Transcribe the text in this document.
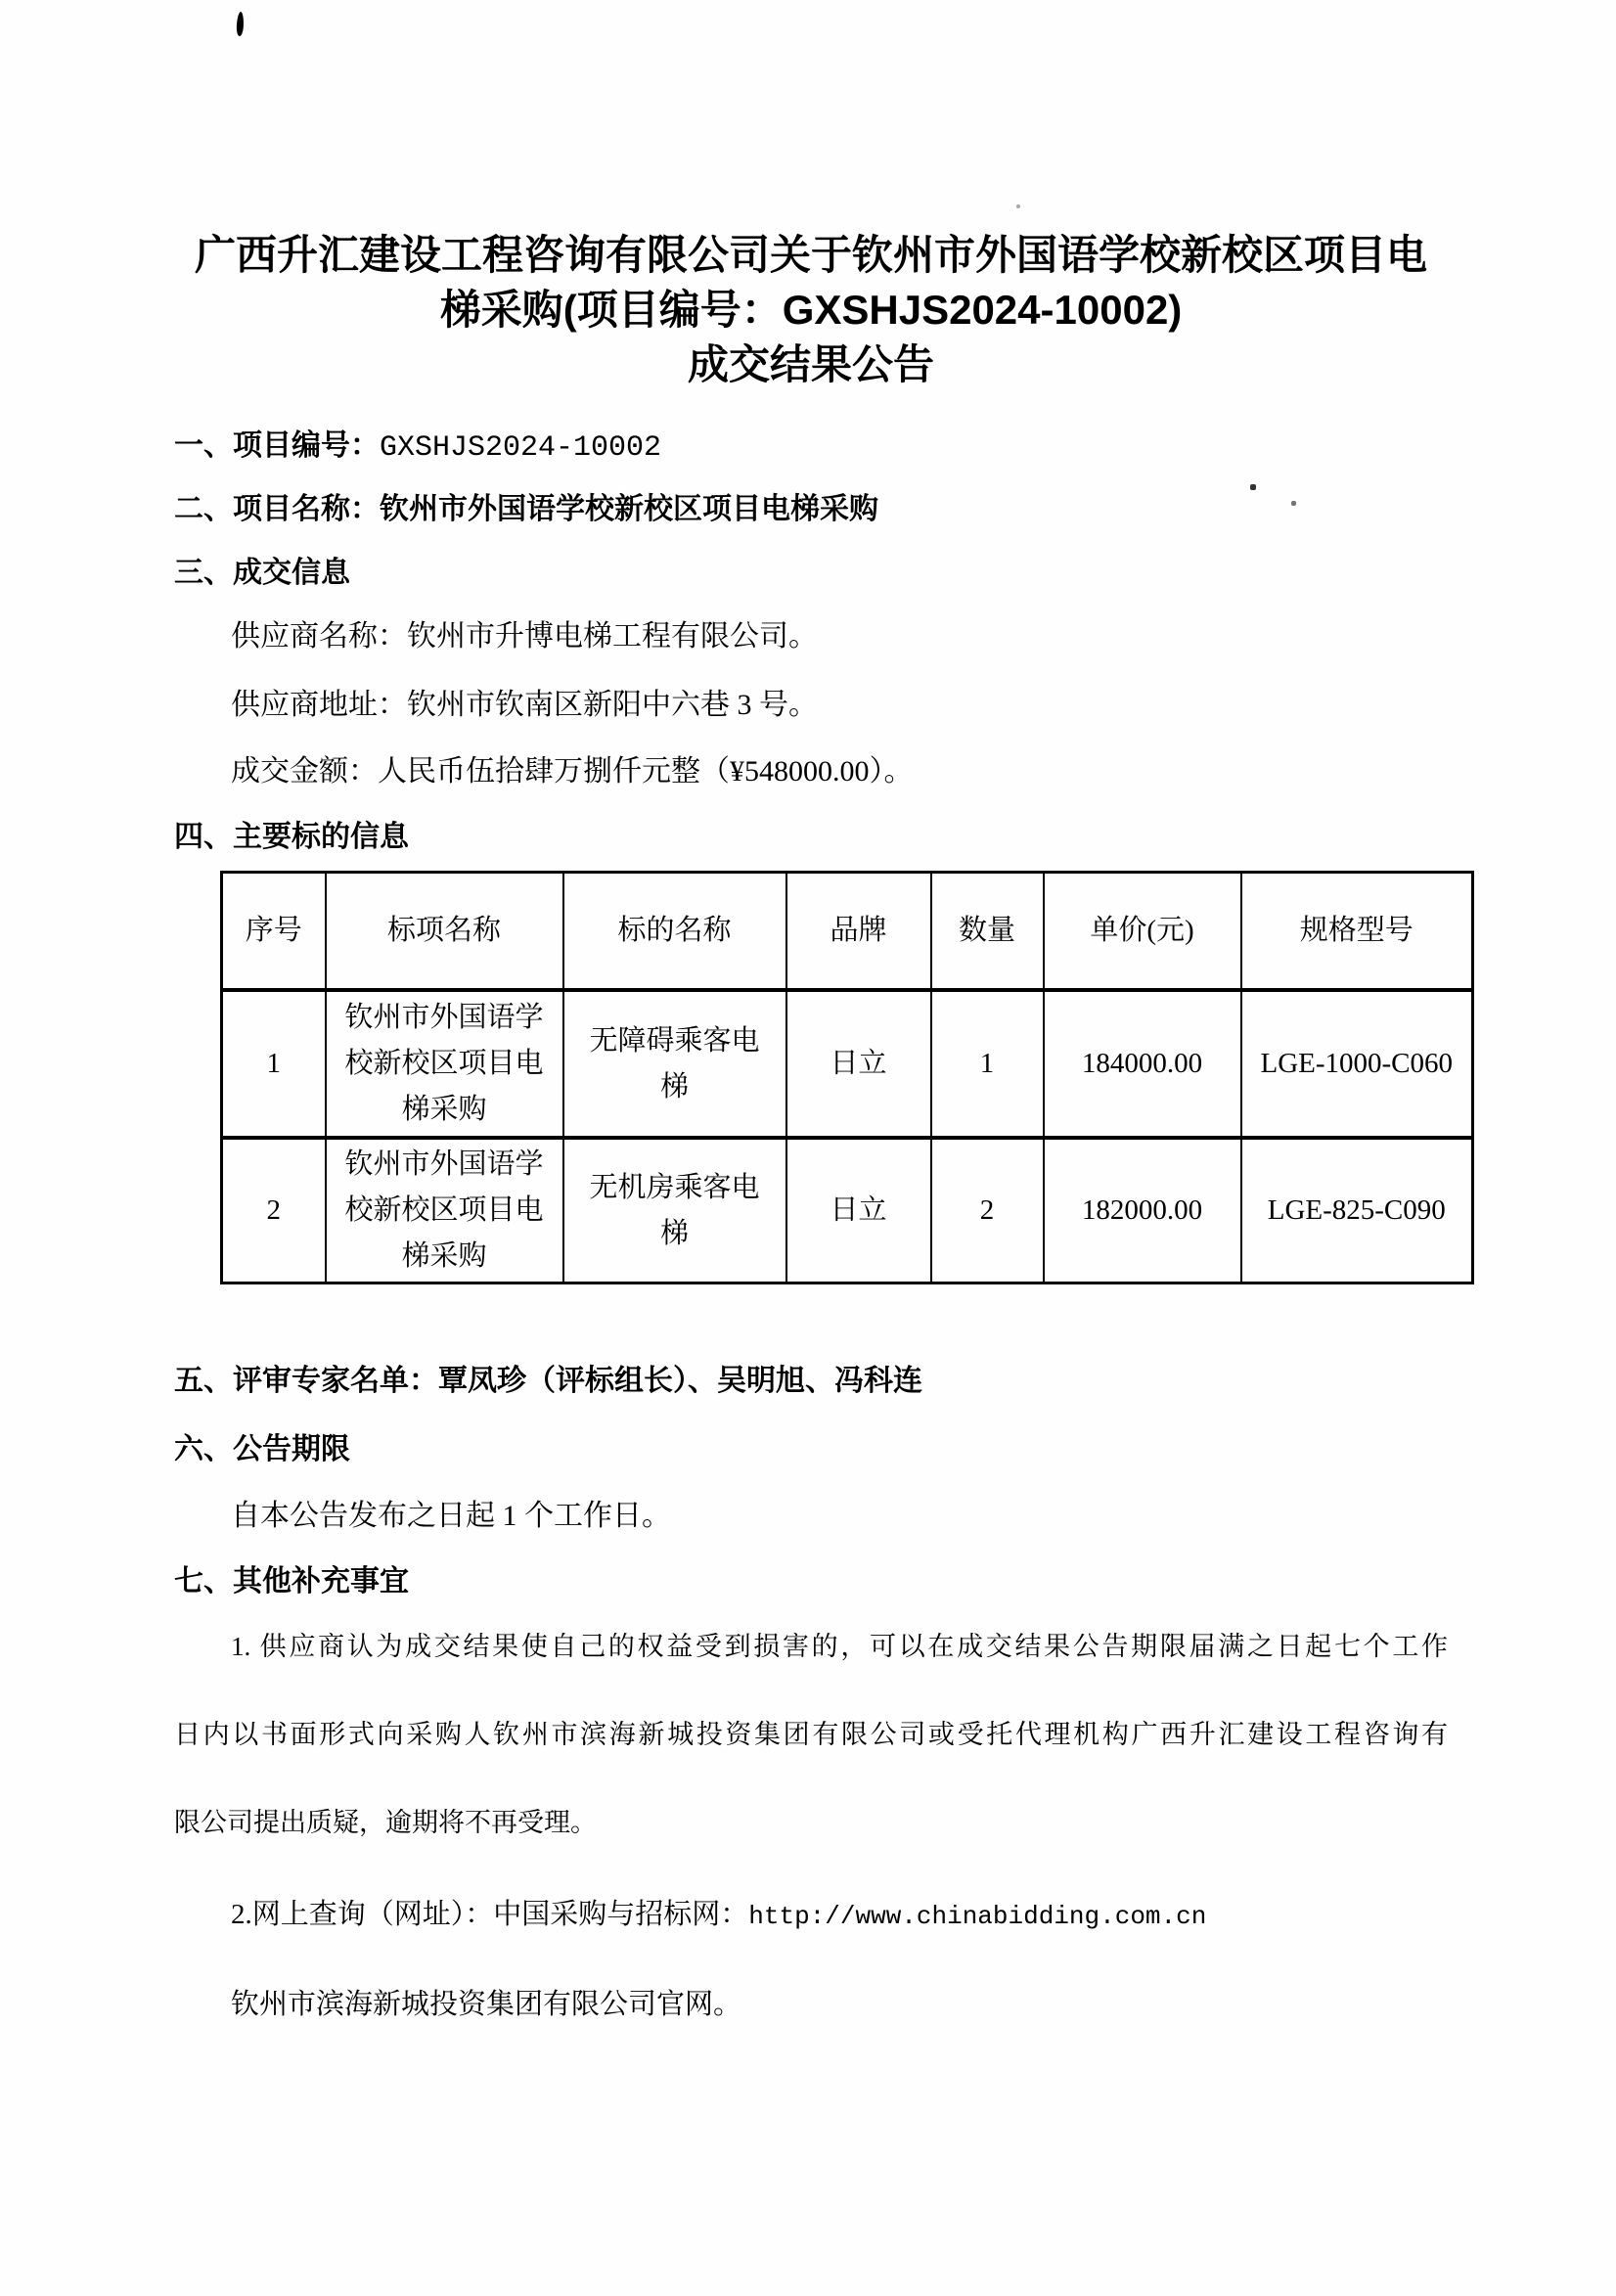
广西升汇建设工程咨询有限公司关于钦州市外国语学校新校区项目电
梯采购(项目编号：GXSHJS2024-10002)
成交结果公告
一、项目编号：GXSHJS2024-10002
二、项目名称：钦州市外国语学校新校区项目电梯采购
三、成交信息
供应商名称：钦州市升博电梯工程有限公司。
供应商地址：钦州市钦南区新阳中六巷 3 号。
成交金额：人民币伍拾肆万捌仟元整（¥548000.00）。
四、主要标的信息
序号	标项名称	标的名称	品牌	数量	单价(元)	规格型号
1	钦州市外国语学校新校区项目电梯采购	无障碍乘客电梯	日立	1	184000.00	LGE-1000-C060
2	钦州市外国语学校新校区项目电梯采购	无机房乘客电梯	日立	2	182000.00	LGE-825-C090
五、评审专家名单：覃凤珍（评标组长）、吴明旭、冯科连
六、公告期限
自本公告发布之日起 1 个工作日。
七、其他补充事宜
1. 供应商认为成交结果使自己的权益受到损害的，可以在成交结果公告期限届满之日起七个工作
日内以书面形式向采购人钦州市滨海新城投资集团有限公司或受托代理机构广西升汇建设工程咨询有
限公司提出质疑，逾期将不再受理。
2.网上查询（网址）：中国采购与招标网：http://www.chinabidding.com.cn
钦州市滨海新城投资集团有限公司官网。
